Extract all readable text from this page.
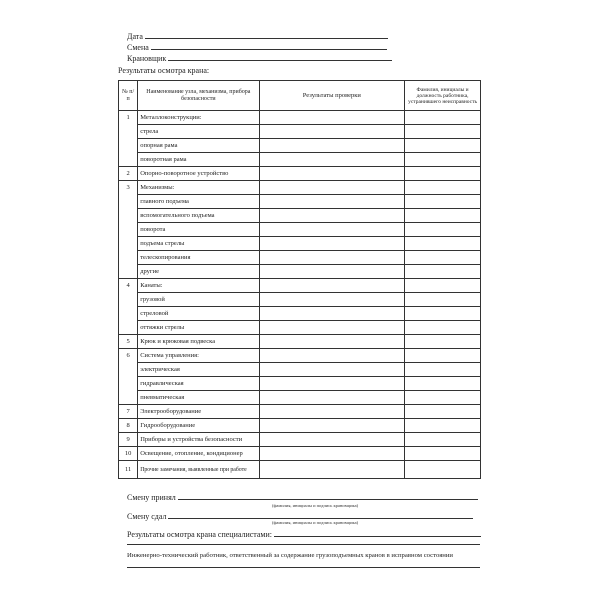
Дата
Смена
Крановщик
Результаты осмотра крана:
№ п/п	Наименование узла, механизма, прибора безопасности	Результаты проверки	Фамилия, инициалы и должность работника, устранившего неисправность
1	Металлоконструкции:		
	стрела		
	опорная рама		
	поворотная рама		
2	Опорно-поворотное устройство		
3	Механизмы:		
	главного подъема		
	вспомогательного подъема		
	поворота		
	подъема стрелы		
	телескопирования		
	другие		
4	Канаты:		
	грузовой		
	стреловой		
	оттяжки стрелы		
5	Крюк и крюковая подвеска		
6	Система управления:		
	электрическая		
	гидравлическая		
	пневматическая		
7	Электрооборудование		
8	Гидрооборудование		
9	Приборы и устройства безопасности		
10	Освещение, отопление, кондиционер		
11	Прочие замечания, выявленные при работе		
Смену принял
(фамилия, инициалы и подпись крановщика)
Смену сдал
(фамилия, инициалы и подпись крановщика)
Результаты осмотра крана специалистами:
Инженерно-технический работник, ответственный за содержание грузоподъемных кранов в исправном состоянии
